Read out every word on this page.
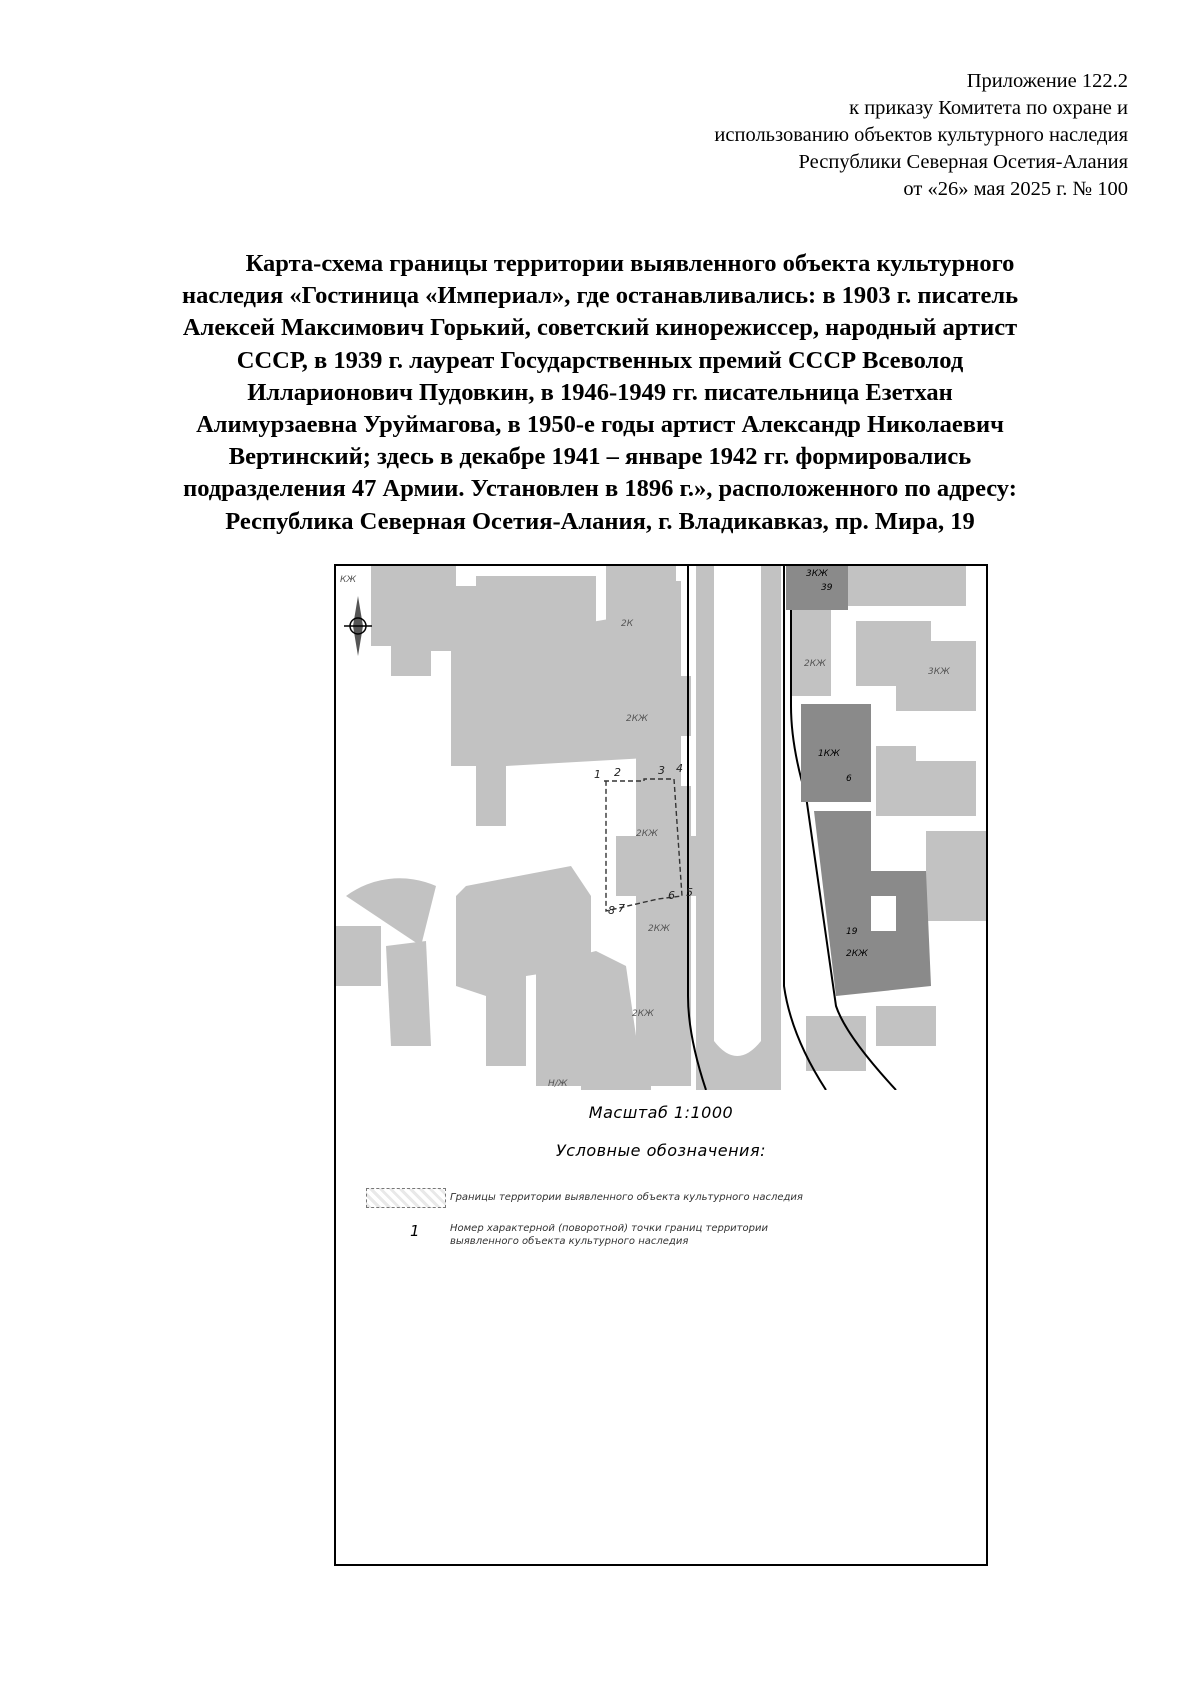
Приложение 122.2
к приказу Комитета по охране и
использованию объектов культурного наследия
Республики Северная Осетия-Алания
от «26» мая 2025 г. № 100
Карта-схема границы территории выявленного объекта культурного
наследия «Гостиница «Империал», где останавливались: в 1903 г. писатель
Алексей Максимович Горький, советский кинорежиссер, народный артист
СССР, в 1939 г. лауреат Государственных премий СССР Всеволод
Илларионович Пудовкин, в 1946-1949 гг. писательница Езетхан
Алимурзаевна Уруймагова, в 1950-е годы артист Александр Николаевич
Вертинский; здесь в декабре 1941 – январе 1942 гг. формировались
подразделения 47 Армии. Установлен в 1896 г.», расположенного по адресу:
Республика Северная Осетия-Алания, г. Владикавказ, пр. Мира, 19
КЖ
2К
2КЖ
2КЖ
2КЖ
2КЖ
Н/Ж
3КЖ
2КЖ
1КЖ
6
3КЖ
39
19
2КЖ
1 2	3 4
5
6
7
8
Масштаб 1:1000
Условные обозначения:
Границы территории выявленного объекта культурного наследия
1	Номер характерной (поворотной) точки границ территории
выявленного объекта культурного наследия
